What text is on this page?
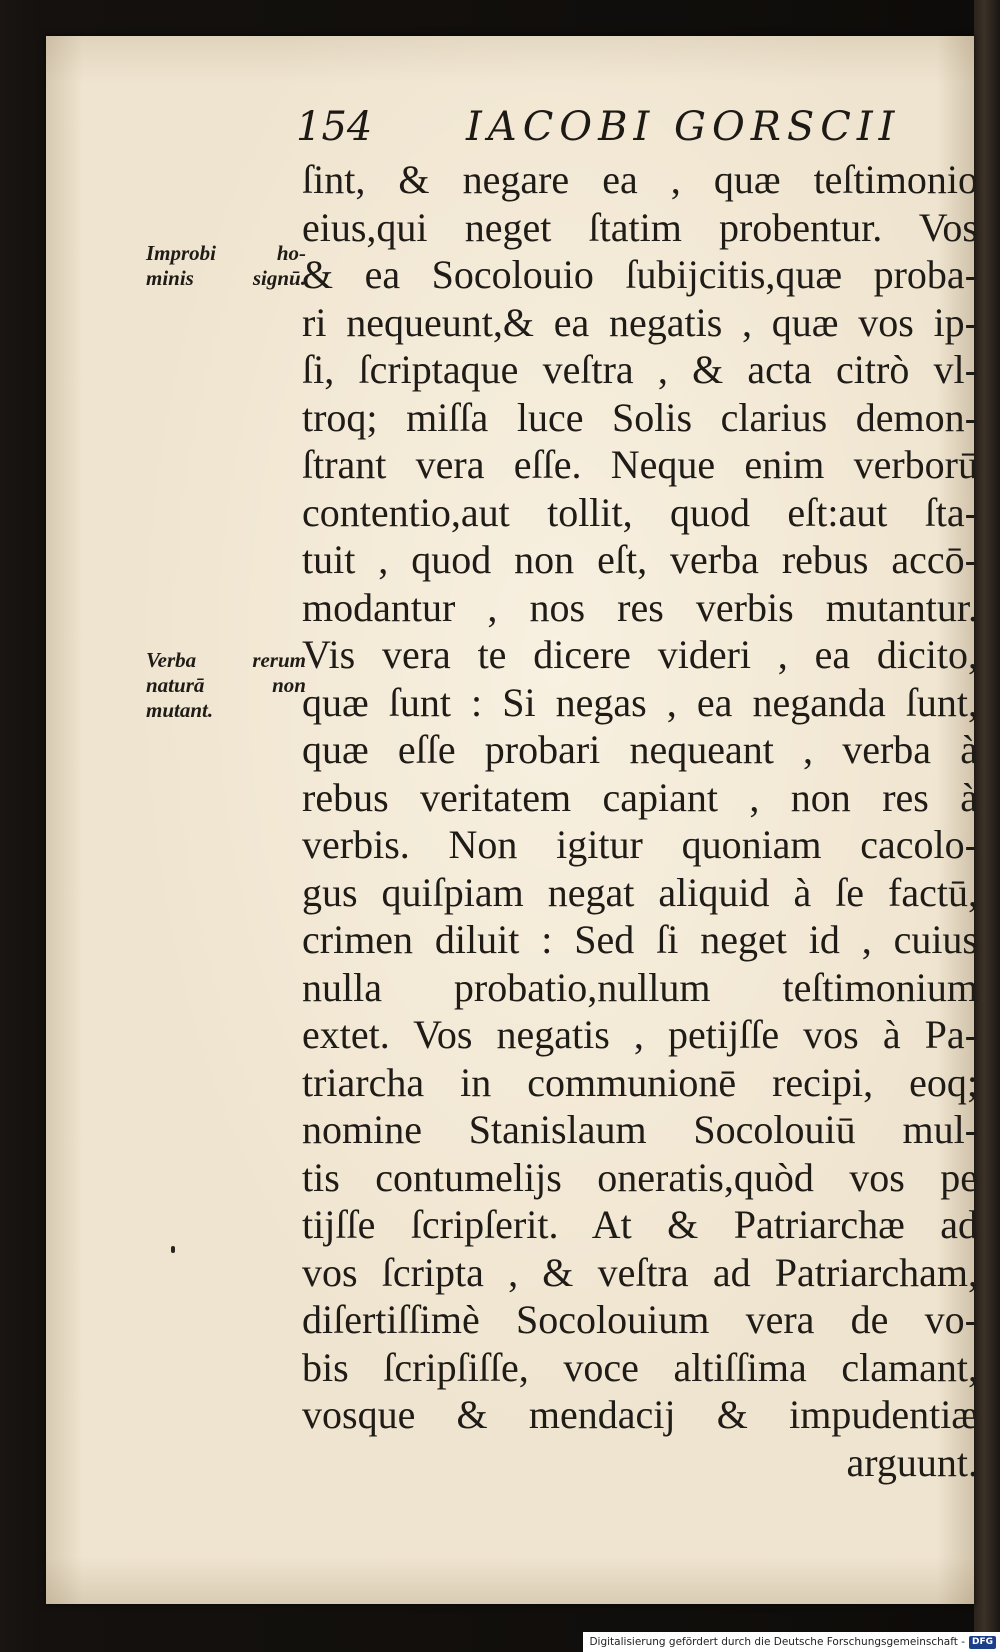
154 IACOBI GORSCII
Improbi ho-
minis signū.
Verba rerum
naturā non
mutant.
ſint, & negare ea , quæ teſtimonio
eius,qui neget ſtatim probentur. Vos
& ea Socolouio ſubijcitis,quæ proba-
ri nequeunt,& ea negatis , quæ vos ip-
ſi, ſcriptaque veſtra , & acta citrò vl-
troq; miſſa luce Solis clarius demon-
ſtrant vera eſſe. Neque enim verborū
contentio,aut tollit, quod eſt:aut ſta-
tuit , quod non eſt, verba rebus accō-
modantur , nos res verbis mutantur.
Vis vera te dicere videri , ea dicito,
quæ ſunt : Si negas , ea neganda ſunt,
quæ eſſe probari nequeant , verba à
rebus veritatem capiant , non res à
verbis. Non igitur quoniam cacolo-
gus quiſpiam negat aliquid à ſe factū,
crimen diluit : Sed ſi neget id , cuius
nulla probatio,nullum teſtimonium
extet. Vos negatis , petijſſe vos à Pa-
triarcha in communionē recipi, eoq;
nomine Stanislaum Socolouiū mul-
tis contumelijs oneratis,quòd vos pe
tijſſe ſcripſerit. At & Patriarchæ ad
vos ſcripta , & veſtra ad Patriarcham,
diſertiſſimè Socolouium vera de vo-
bis ſcripſiſſe, voce altiſſima clamant,
vosque & mendacij & impudentiæ
arguunt.
Digitalisierung gefördert durch die Deutsche Forschungsgemeinschaft - DFG
